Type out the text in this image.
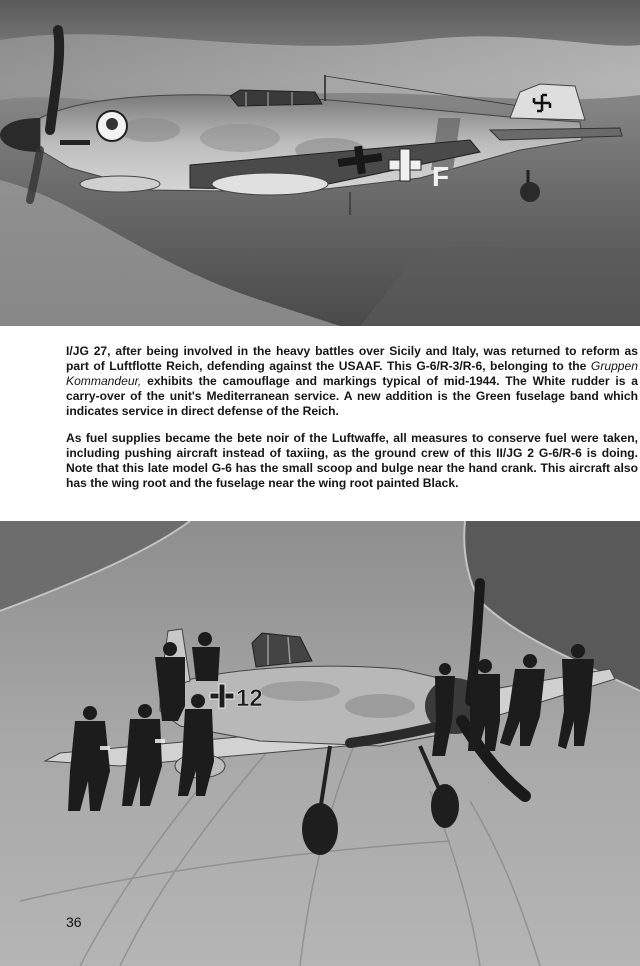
F

I/JG 27, after being involved in the heavy battles over Sicily and Italy, was returned to reform as part of Luftflotte Reich, defending against the USAAF. This G-6/R-3/R-6, belonging to the Gruppen Kommandeur, exhibits the camouflage and markings typical of mid-1944. The White rudder is a carry-over of the unit's Mediterranean service. A new addition is the Green fuselage band which indicates service in direct defense of the Reich.

As fuel supplies became the bete noir of the Luftwaffe, all measures to conserve fuel were taken, including pushing aircraft instead of taxiing, as the ground crew of this II/JG 2 G-6/R-6 is doing. Note that this late model G-6 has the small scoop and bulge near the hand crank. This aircraft also has the wing root and the fuselage near the wing root painted Black.

12
36
